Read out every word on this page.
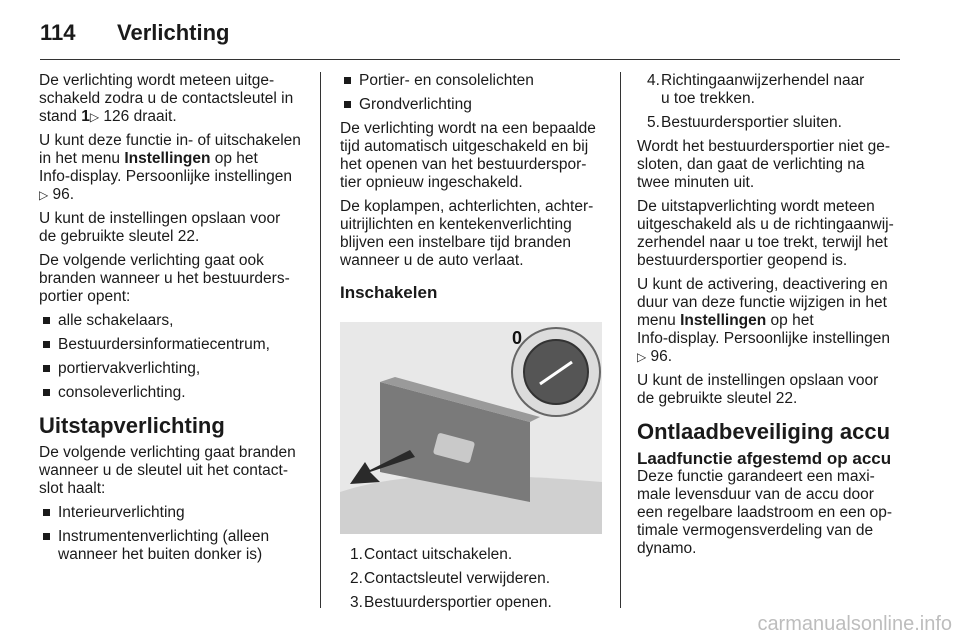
114 Verlichting

De verlichting wordt meteen uitge-
schakeld zodra u de contactsleutel in
stand 1▷ 126 draait.

U kunt deze functie in- of uitschakelen
in het menu Instellingen op het
Info-display. Persoonlijke instellingen
▷ 96.

U kunt de instellingen opslaan voor
de gebruikte sleutel 22.

De volgende verlichting gaat ook
branden wanneer u het bestuurders-
portier opent:

alle schakelaars,
Bestuurdersinformatiecentrum,
portiervakverlichting,
consoleverlichting.
Uitstapverlichting

De volgende verlichting gaat branden
wanneer u de sleutel uit het contact-
slot haalt:

Interieurverlichting
Instrumentenverlichting (alleen
wanneer het buiten donker is)
Portier- en consolelichten
Grondverlichting

De verlichting wordt na een bepaalde
tijd automatisch uitgeschakeld en bij
het openen van het bestuurderspor-
tier opnieuw ingeschakeld.

De koplampen, achterlichten, achter-
uitrijlichten en kentekenverlichting
blijven een instelbare tijd branden
wanneer u de auto verlaat.

Inschakelen
0
1. Contact uitschakelen.
2. Contactsleutel verwijderen.
3. Bestuurdersportier openen.
4. Richtingaanwijzerhendel naar
u toe trekken.
5. Bestuurdersportier sluiten.

Wordt het bestuurdersportier niet ge-
sloten, dan gaat de verlichting na
twee minuten uit.

De uitstapverlichting wordt meteen
uitgeschakeld als u de richtingaanwij-
zerhendel naar u toe trekt, terwijl het
bestuurdersportier geopend is.

U kunt de activering, deactivering en
duur van deze functie wijzigen in het
menu Instellingen op het
Info-display. Persoonlijke instellingen
▷ 96.

U kunt de instellingen opslaan voor
de gebruikte sleutel 22.

Ontlaadbeveiliging accu
Laadfunctie afgestemd op accu

Deze functie garandeert een maxi-
male levensduur van de accu door
een regelbare laadstroom en een op-
timale vermogensverdeling van de
dynamo.

carmanualsonline.info
